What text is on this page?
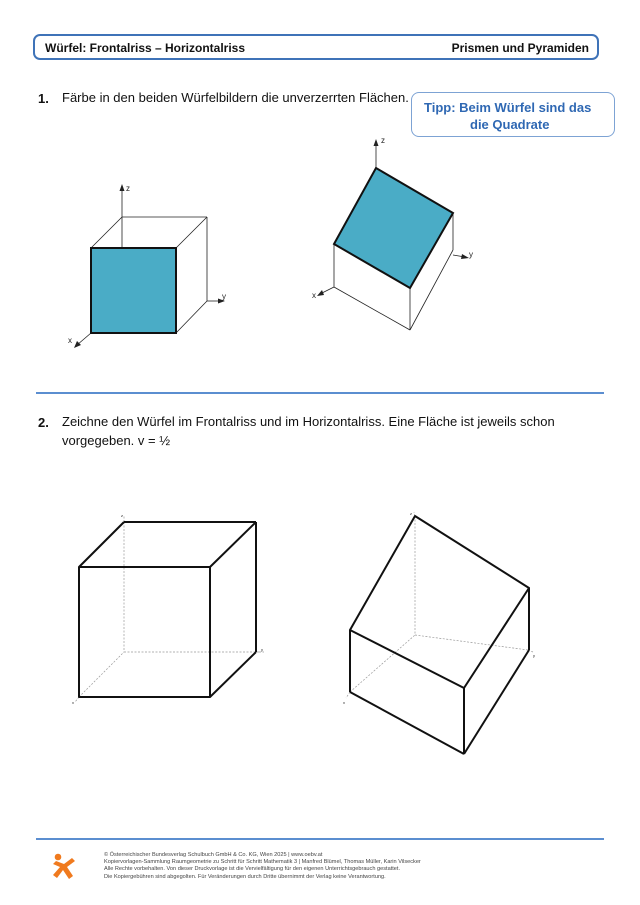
Würfel: Frontalriss – Horizontalriss	Prismen und Pyramiden
1. Färbe in den beiden Würfelbildern die unverzerrten Flächen.
Tipp: Beim Würfel sind das
die Quadrate
z
y
x
z
y
x
2. Zeichne den Würfel im Frontalriss und im Horizontalriss. Eine Fläche ist jeweils schon
vorgegeben. v = ½
z
y
x
z
y
x
© Österreichischer Bundesverlag Schulbuch GmbH & Co. KG, Wien 2025 | www.oebv.at
Kopiervorlagen-Sammlung Raumgeometrie zu Schritt für Schritt Mathematik 3 | Manfred Blümel, Thomas Müller, Karin Vilsecker
Alle Rechte vorbehalten. Von dieser Druckvorlage ist die Vervielfältigung für den eigenen Unterrichtsgebrauch gestattet.
Die Kopiergebühren sind abgegolten. Für Veränderungen durch Dritte übernimmt der Verlag keine Verantwortung.
